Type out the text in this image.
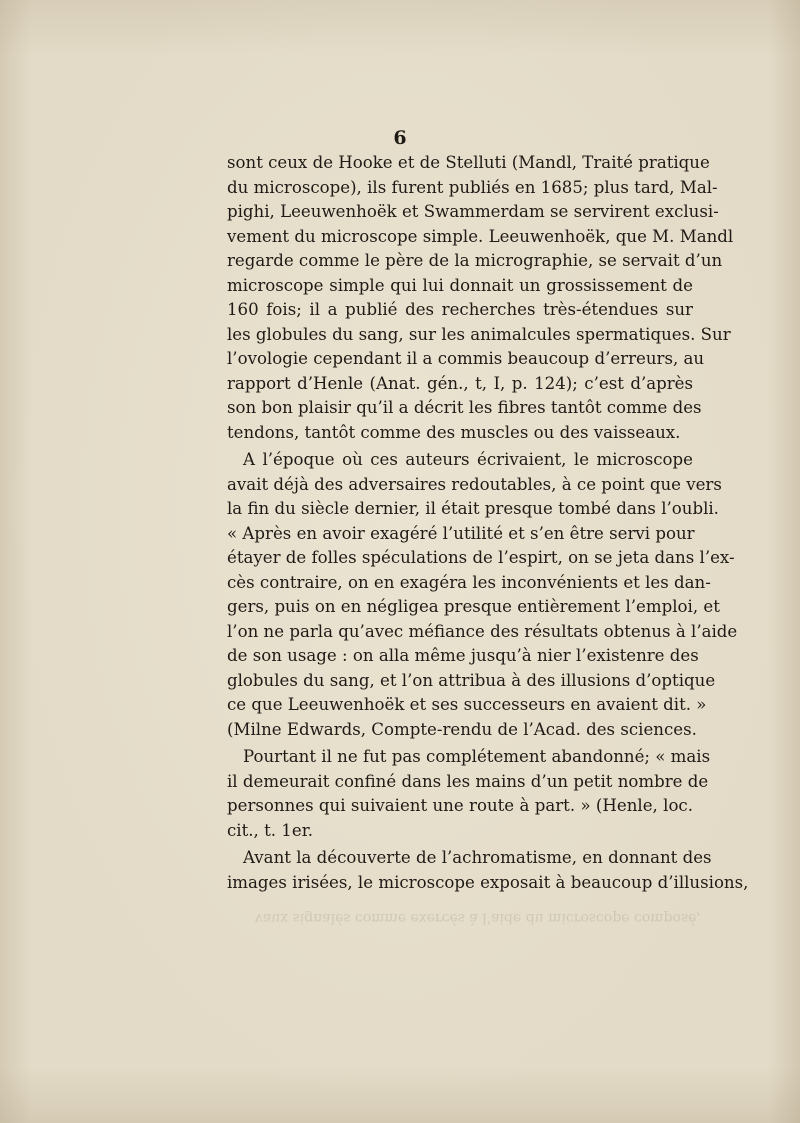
6
sont ceux de Hooke et de Stelluti (Mandl, Traité pratique
du microscope), ils furent publiés en 1685; plus tard, Mal-
pighi, Leeuwenhoëk et Swammerdam se servirent exclusi-
vement du microscope simple. Leeuwenhoëk, que M. Mandl
regarde comme le père de la micrographie, se servait d’un
microscope simple qui lui donnait un grossissement de
160 fois; il a publié des recherches très-étendues sur
les globules du sang, sur les animalcules spermatiques. Sur
l’ovologie cependant il a commis beaucoup d’erreurs, au
rapport d’Henle (Anat. gén., t, I, p. 124); c’est d’après
son bon plaisir qu’il a décrit les fibres tantôt comme des
tendons, tantôt comme des muscles ou des vaisseaux.
A l’époque où ces auteurs écrivaient, le microscope
avait déjà des adversaires redoutables, à ce point que vers
la fin du siècle dernier, il était presque tombé dans l’oubli.
« Après en avoir exagéré l’utilité et s’en être servi pour
étayer de folles spéculations de l’espirt, on se jeta dans l’ex-
cès contraire, on en exagéra les inconvénients et les dan-
gers, puis on en négligea presque entièrement l’emploi, et
l’on ne parla qu’avec méfiance des résultats obtenus à l’aide
de son usage : on alla même jusqu’à nier l’existenre des
globules du sang, et l’on attribua à des illusions d’optique
ce que Leeuwenhoëk et ses successeurs en avaient dit. »
(Milne Edwards, Compte-rendu de l’Acad. des sciences.
Pourtant il ne fut pas complétement abandonné; « mais
il demeurait confiné dans les mains d’un petit nombre de
personnes qui suivaient une route à part. » (Henle, loc.
cit., t. 1er.
Avant la découverte de l’achromatisme, en donnant des
images irisées, le microscope exposait à beaucoup d’illusions,
vaux signalés comme exercés à l’aide du microscope composé,
